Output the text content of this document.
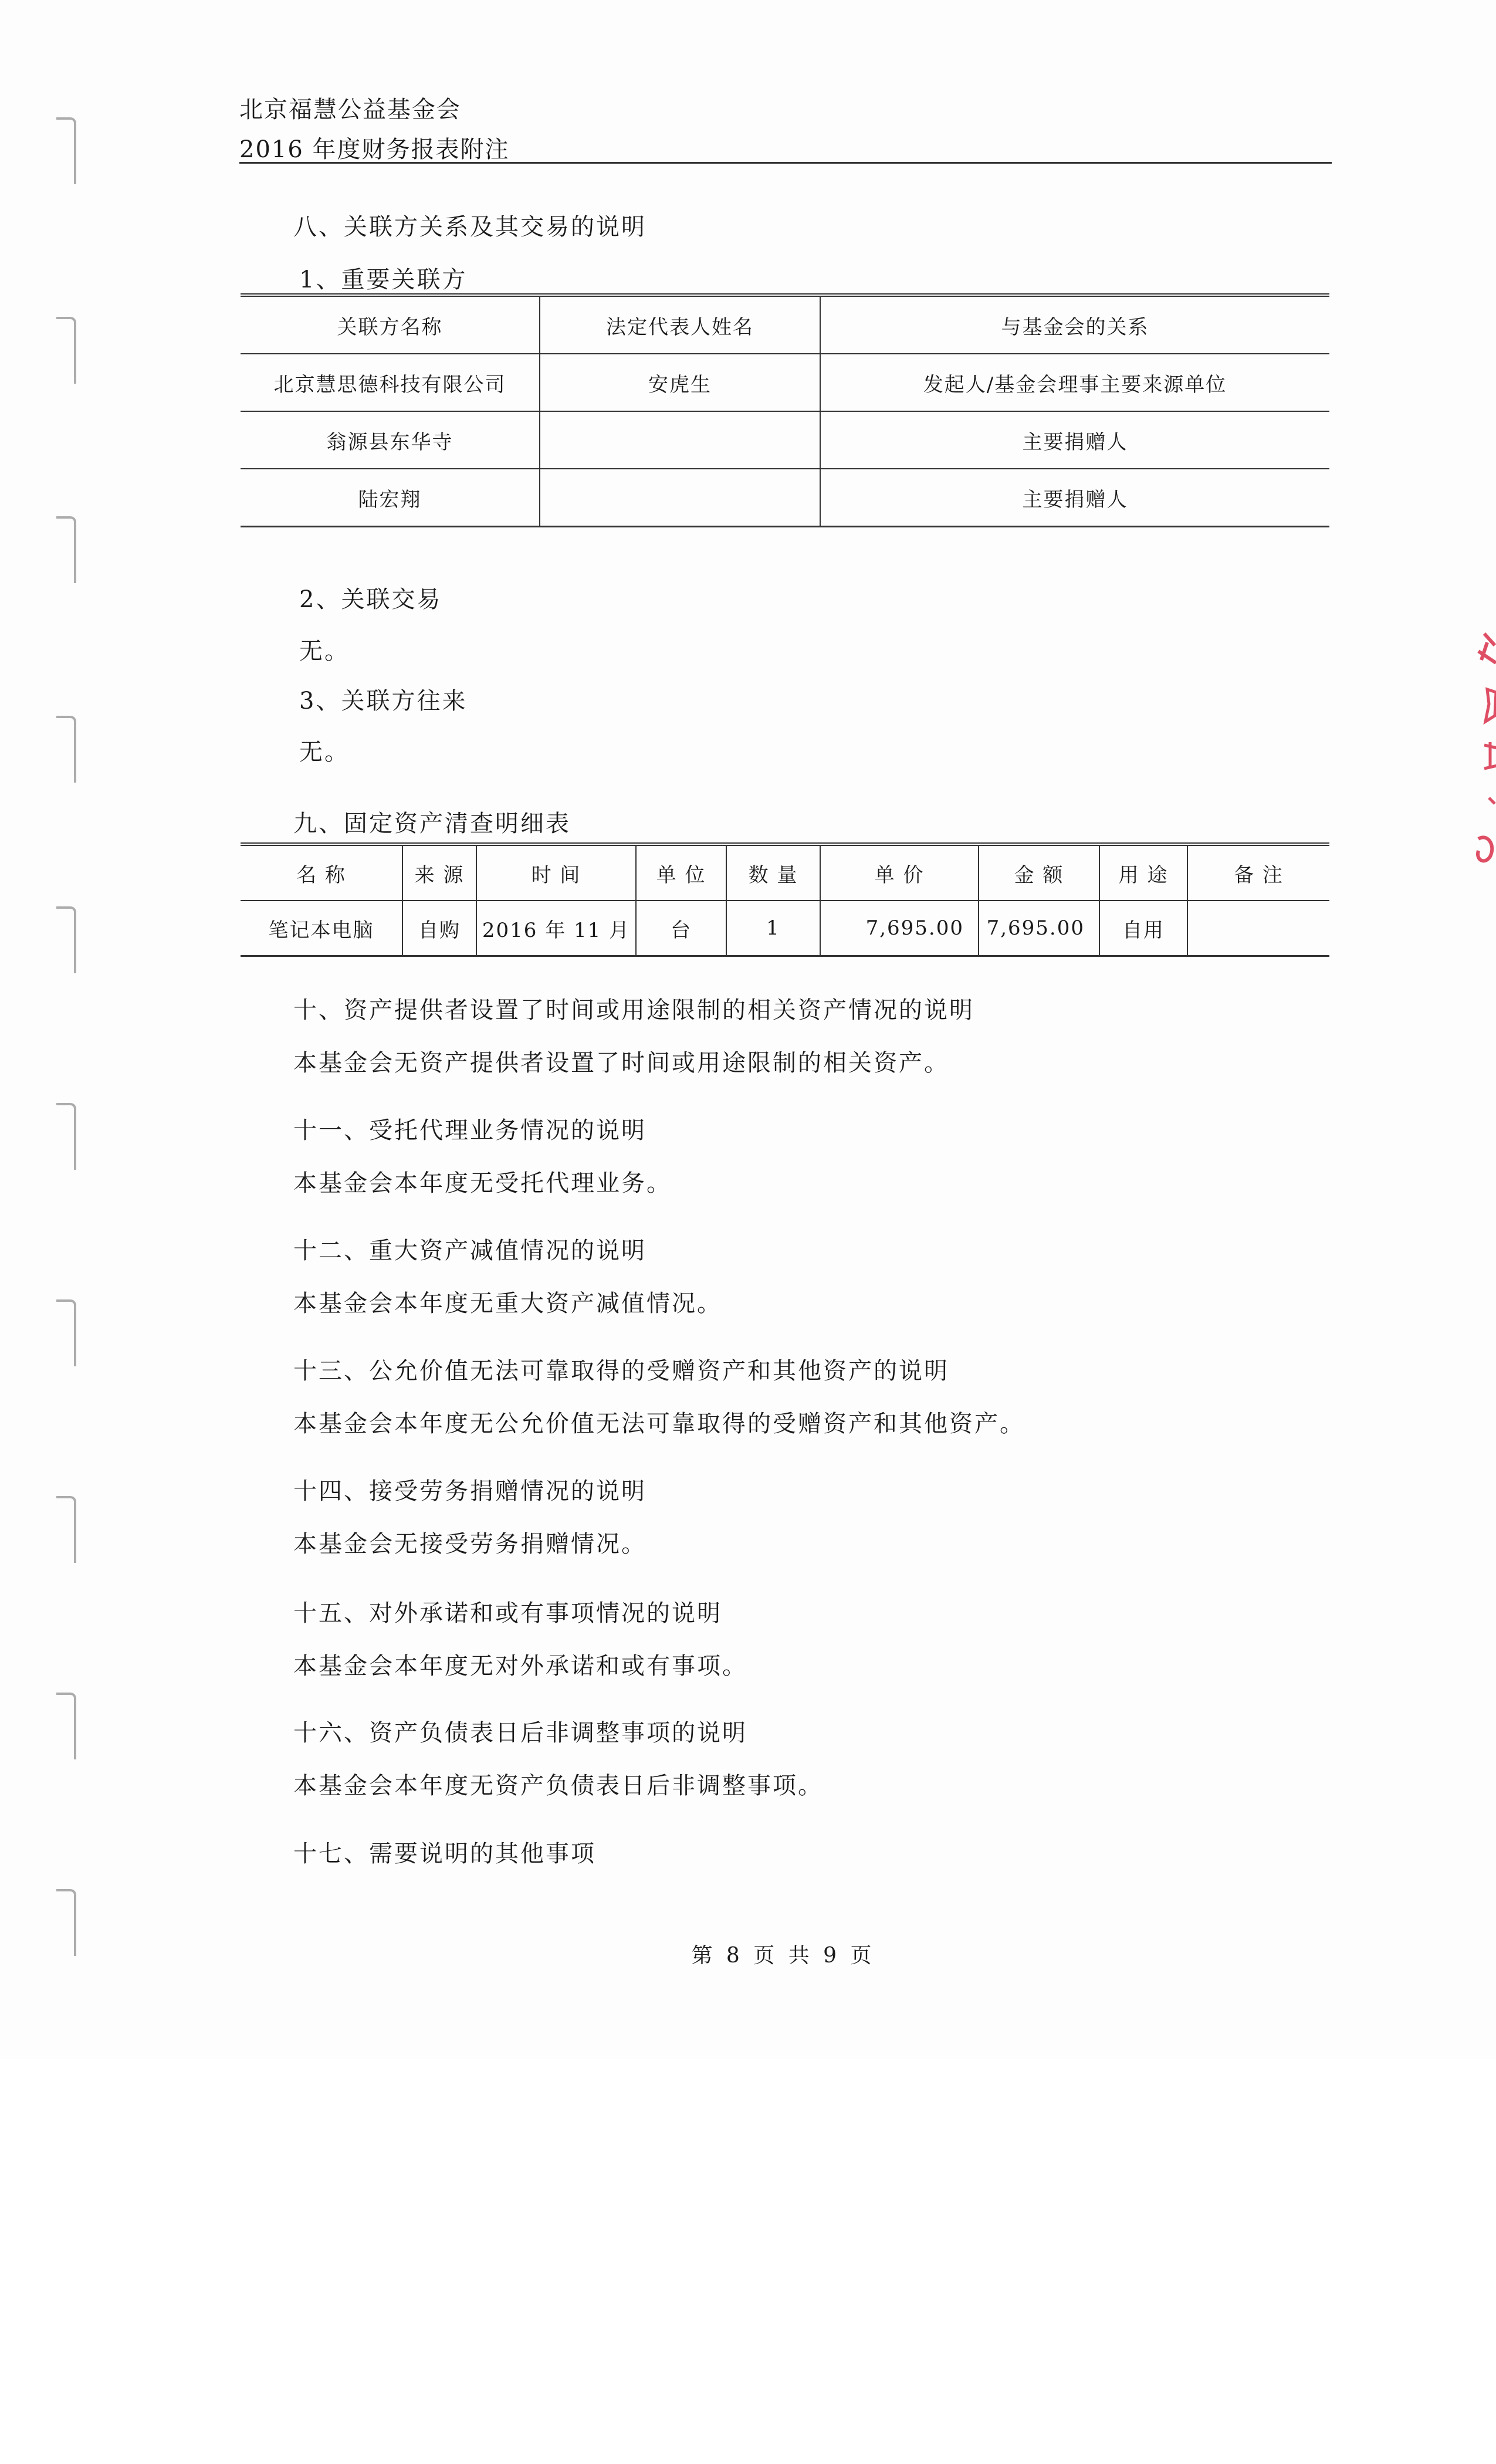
北京福慧公益基金会
2016 年度财务报表附注
八、关联方关系及其交易的说明
1、重要关联方
关联方名称	法定代表人姓名	与基金会的关系
北京慧思德科技有限公司	安虎生	发起人/基金会理事主要来源单位
翁源县东华寺		主要捐赠人
陆宏翔		主要捐赠人
2、关联交易
无。
3、关联方往来
无。
九、固定资产清查明细表
名 称	来 源	时 间	单 位	数 量	单 价	金 额	用 途	备 注
笔记本电脑	自购	2016 年 11 月	台	1	7,695.00	7,695.00	自用	
十、资产提供者设置了时间或用途限制的相关资产情况的说明
本基金会无资产提供者设置了时间或用途限制的相关资产。
十一、受托代理业务情况的说明
本基金会本年度无受托代理业务。
十二、重大资产减值情况的说明
本基金会本年度无重大资产减值情况。
十三、公允价值无法可靠取得的受赠资产和其他资产的说明
本基金会本年度无公允价值无法可靠取得的受赠资产和其他资产。
十四、接受劳务捐赠情况的说明
本基金会无接受劳务捐赠情况。
十五、对外承诺和或有事项情况的说明
本基金会本年度无对外承诺和或有事项。
十六、资产负债表日后非调整事项的说明
本基金会本年度无资产负债表日后非调整事项。
十七、需要说明的其他事项
第 8 页 共 9 页
